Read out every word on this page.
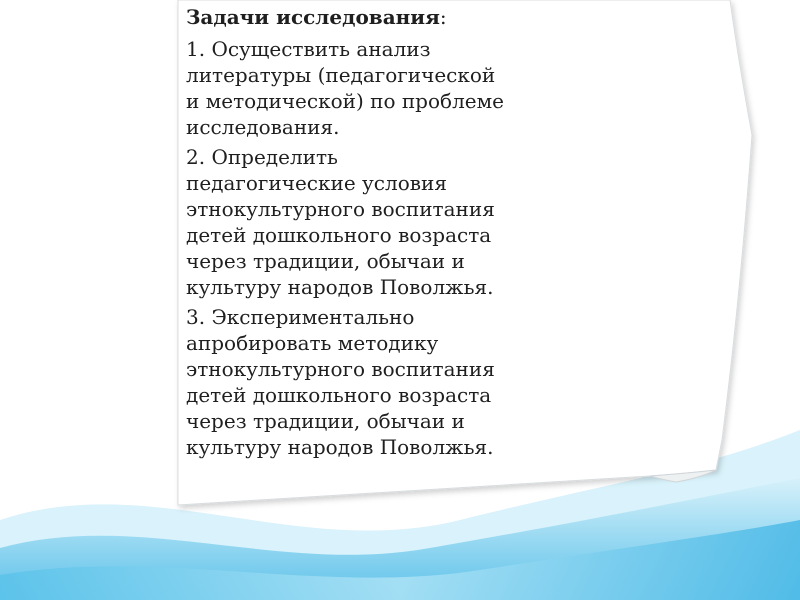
Задачи исследования:
1. Осуществить анализ литературы (педагогической и методической) по проблеме исследования.
2. Определить педагогические условия этнокультурного воспитания детей дошкольного возраста через традиции, обычаи и культуру народов Поволжья.
3. Экспериментально апробировать методику этнокультурного воспитания детей дошкольного возраста через традиции, обычаи и культуру народов Поволжья.
